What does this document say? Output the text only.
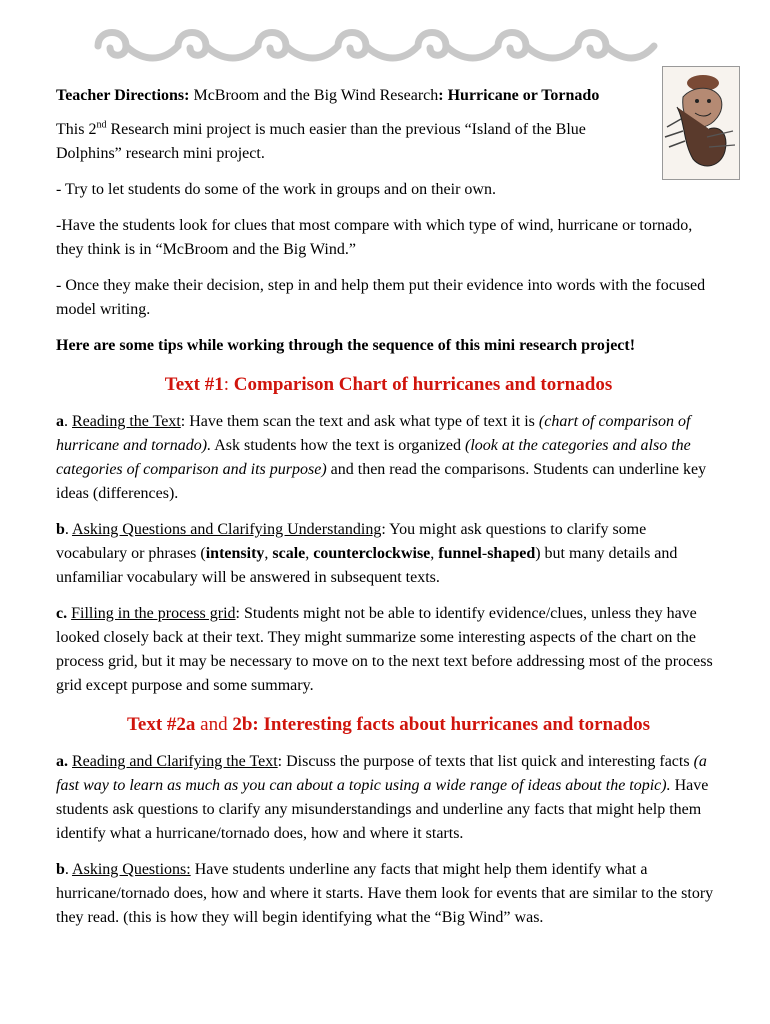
Teacher Directions: McBroom and the Big Wind Research: Hurricane or Tornado

This 2nd Research mini project is much easier than the previous “Island of the Blue Dolphins” research mini project.

- Try to let students do some of the work in groups and on their own.

-Have the students look for clues that most compare with which type of wind, hurricane or tornado, they think is in “McBroom and the Big Wind.”

- Once they make their decision, step in and help them put their evidence into words with the focused model writing.

Here are some tips while working through the sequence of this mini research project!

Text #1: Comparison Chart of hurricanes and tornados

a. Reading the Text: Have them scan the text and ask what type of text it is (chart of comparison of hurricane and tornado). Ask students how the text is organized (look at the categories and also the categories of comparison and its purpose) and then read the comparisons. Students can underline key ideas (differences).

b. Asking Questions and Clarifying Understanding: You might ask questions to clarify some vocabulary or phrases (intensity, scale, counterclockwise, funnel-shaped) but many details and unfamiliar vocabulary will be answered in subsequent texts.

c. Filling in the process grid: Students might not be able to identify evidence/clues, unless they have looked closely back at their text. They might summarize some interesting aspects of the chart on the process grid, but it may be necessary to move on to the next text before addressing most of the process grid except purpose and some summary.

Text #2a and 2b: Interesting facts about hurricanes and tornados

a. Reading and Clarifying the Text: Discuss the purpose of texts that list quick and interesting facts (a fast way to learn as much as you can about a topic using a wide range of ideas about the topic). Have students ask questions to clarify any misunderstandings and underline any facts that might help them identify what a hurricane/tornado does, how and where it starts.

b. Asking Questions: Have students underline any facts that might help them identify what a hurricane/tornado does, how and where it starts. Have them look for events that are similar to the story they read. (this is how they will begin identifying what the “Big Wind” was.
